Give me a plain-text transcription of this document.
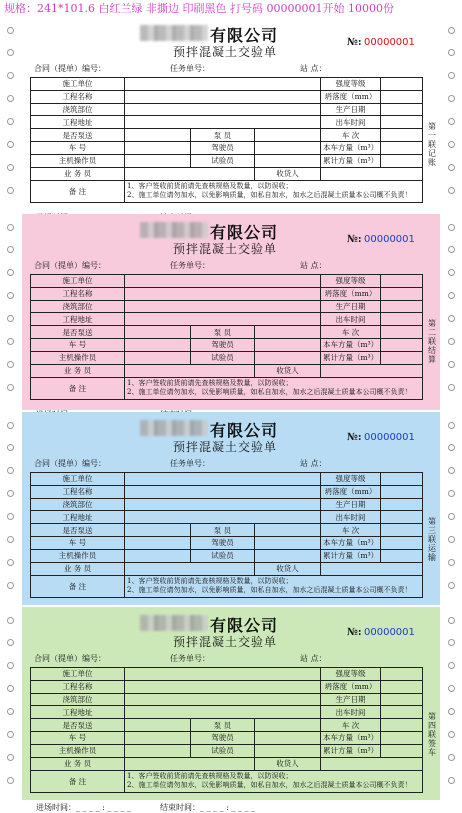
规格：241*101.6 白红兰绿 非撕边 印刷黑色 打号码 00000001开始 10000份
有限公司
预拌混凝土交验单
№: 00000001
合同（提单）编号：	任务单号：	站 点：
施工单位				强度等级	
工程名称				坍落度（mm）	
浇筑部位				生产日期	
工程地址				出车时间	
是否泵送		泵 员		车 次	
车 号		驾驶员		本车方量（m³）	
主机操作员		试验员		累计方量（m³）	
业 务 员			收货人		
备 注	1、客户签收前货前请先查核规格及数量，以防误收；
2、施工单位请勿加水，以免影响质量，如私自加水，加水之后混凝土质量本公司概不负责！				
第一联 记账
有限公司
预拌混凝土交验单
№: 00000001
合同（提单）编号：	任务单号：	站 点：
施工单位				强度等级	
工程名称				坍落度（mm）	
浇筑部位				生产日期	
工程地址				出车时间	
是否泵送		泵 员		车 次	
车 号		驾驶员		本车方量（m³）	
主机操作员		试验员		累计方量（m³）	
业 务 员			收货人		
备 注	1、客户签收前货前请先查核规格及数量，以防误收；
2、施工单位请勿加水，以免影响质量，如私自加水，加水之后混凝土质量本公司概不负责！				
第二联 结算
有限公司
预拌混凝土交验单
№: 00000001
合同（提单）编号：	任务单号：	站 点：
施工单位				强度等级	
工程名称				坍落度（mm）	
浇筑部位				生产日期	
工程地址				出车时间	
是否泵送		泵 员		车 次	
车 号		驾驶员		本车方量（m³）	
主机操作员		试验员		累计方量（m³）	
业 务 员			收货人		
备 注	1、客户签收前货前请先查核规格及数量，以防误收；
2、施工单位请勿加水，以免影响质量，如私自加水，加水之后混凝土质量本公司概不负责！				
第三联 运输
有限公司
预拌混凝土交验单
№: 00000001
合同（提单）编号：	任务单号：	站 点：
施工单位				强度等级	
工程名称				坍落度（mm）	
浇筑部位				生产日期	
工程地址				出车时间	
是否泵送		泵 员		车 次	
车 号		驾驶员		本车方量（m³）	
主机操作员		试验员		累计方量（m³）	
业 务 员			收货人		
备 注	1、客户签收前货前请先查核规格及数量，以防误收；
2、施工单位请勿加水，以免影响质量，如私自加水，加水之后混凝土质量本公司概不负责！				
第四联 签车
进场时间：_ _ _ _ : _ _ _ _	结束时间：_ _ _ _ : _ _ _ _
